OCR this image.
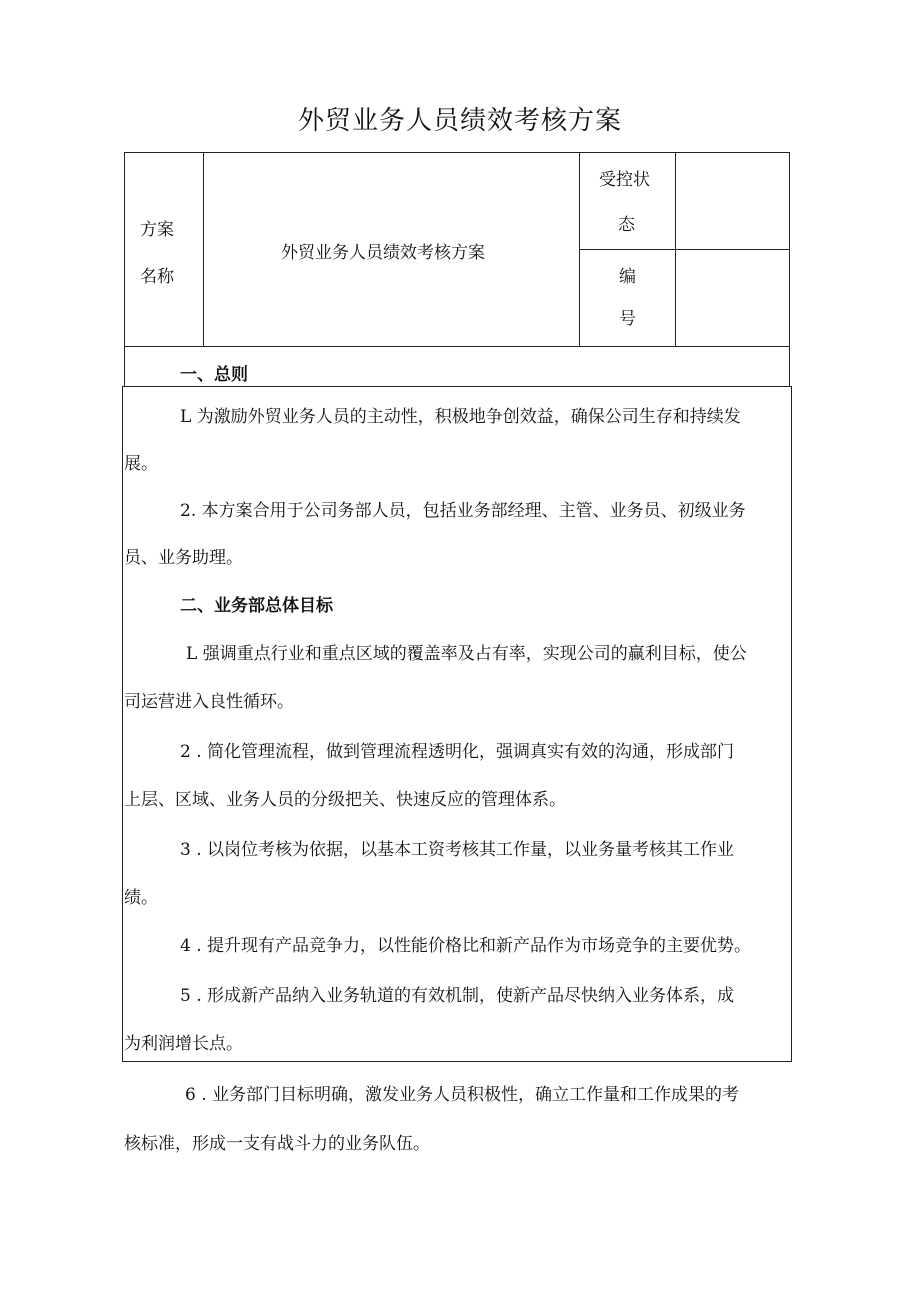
外贸业务人员绩效考核方案
方案
名称
外贸业务人员绩效考核方案
受控状
态
编
号
一、总则
L 为激励外贸业务人员的主动性，积极地争创效益，确保公司生存和持续发
展。
2. 本方案合用于公司务部人员，包括业务部经理、主管、业务员、初级业务
员、业务助理。
二、业务部总体目标
L 强调重点行业和重点区域的覆盖率及占有率，实现公司的赢利目标，使公
司运营进入良性循环。
2 . 简化管理流程，做到管理流程透明化，强调真实有效的沟通，形成部门
上层、区域、业务人员的分级把关、快速反应的管理体系。
3 . 以岗位考核为依据，以基本工资考核其工作量，以业务量考核其工作业
绩。
4 . 提升现有产品竞争力，以性能价格比和新产品作为市场竞争的主要优势。
5 . 形成新产品纳入业务轨道的有效机制，使新产品尽快纳入业务体系，成
为利润增长点。
6 . 业务部门目标明确，激发业务人员积极性，确立工作量和工作成果的考
核标准，形成一支有战斗力的业务队伍。
